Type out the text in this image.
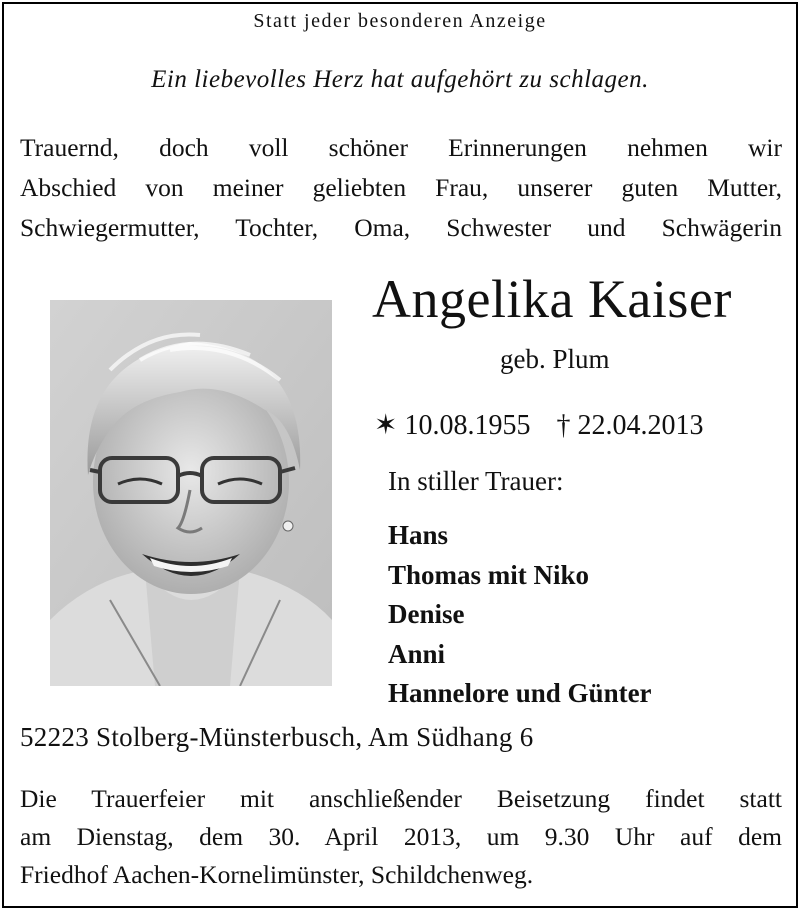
Statt jeder besonderen Anzeige
Ein liebevolles Herz hat aufgehört zu schlagen.
Trauernd, doch voll schöner Erinnerungen nehmen wir
Abschied von meiner geliebten Frau, unserer guten Mutter,
Schwiegermutter, Tochter, Oma, Schwester und Schwägerin
Angelika Kaiser
geb. Plum
✶ 10.08.1955 † 22.04.2013
In stiller Trauer:
Hans
Thomas mit Niko
Denise
Anni
Hannelore und Günter
52223 Stolberg-Münsterbusch, Am Südhang 6
Die Trauerfeier mit anschließender Beisetzung findet statt
am Dienstag, dem 30. April 2013, um 9.30 Uhr auf dem
Friedhof Aachen-Kornelimünster, Schildchenweg.
